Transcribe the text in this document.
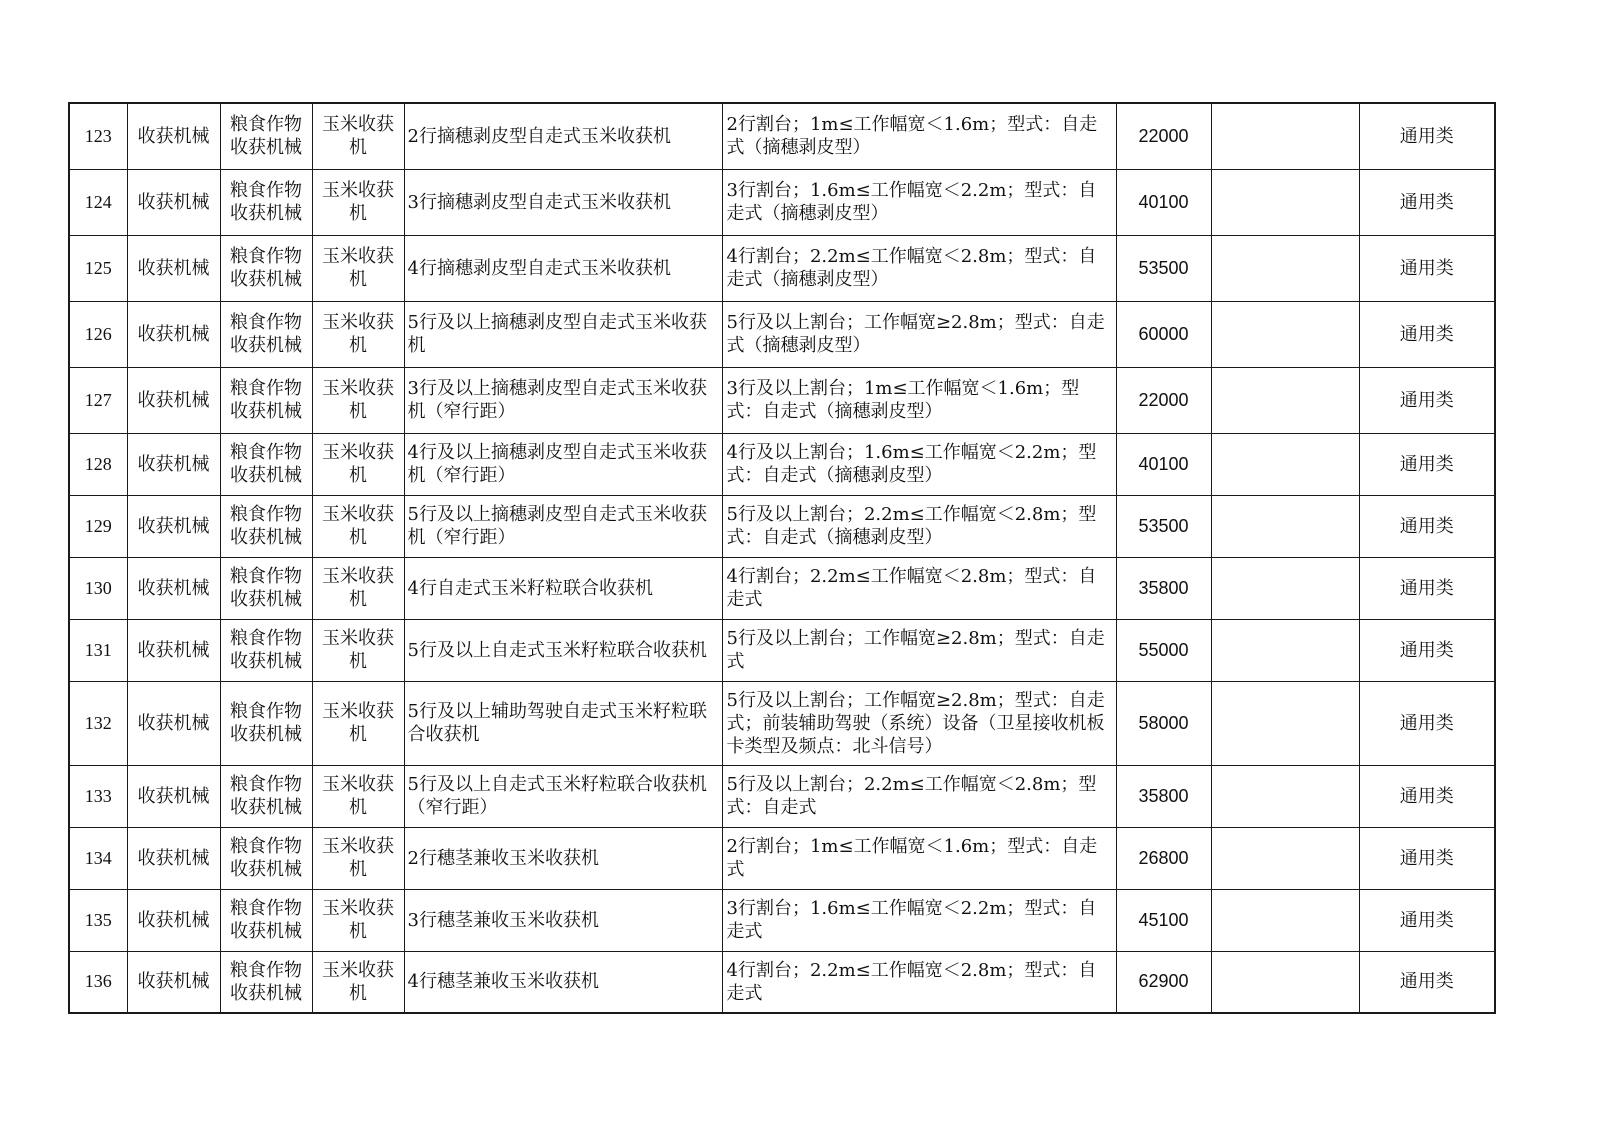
123	收获机械	粮食作物收获机械	玉米收获机	2行摘穗剥皮型自走式玉米收获机	2行割台；1m≤工作幅宽＜1.6m；型式：自走式（摘穗剥皮型）	22000		通用类
124	收获机械	粮食作物收获机械	玉米收获机	3行摘穗剥皮型自走式玉米收获机	3行割台；1.6m≤工作幅宽＜2.2m；型式：自走式（摘穗剥皮型）	40100		通用类
125	收获机械	粮食作物收获机械	玉米收获机	4行摘穗剥皮型自走式玉米收获机	4行割台；2.2m≤工作幅宽＜2.8m；型式：自走式（摘穗剥皮型）	53500		通用类
126	收获机械	粮食作物收获机械	玉米收获机	5行及以上摘穗剥皮型自走式玉米收获机	5行及以上割台；工作幅宽≥2.8m；型式：自走式（摘穗剥皮型）	60000		通用类
127	收获机械	粮食作物收获机械	玉米收获机	3行及以上摘穗剥皮型自走式玉米收获机（窄行距）	3行及以上割台；1m≤工作幅宽＜1.6m；型式：自走式（摘穗剥皮型）	22000		通用类
128	收获机械	粮食作物收获机械	玉米收获机	4行及以上摘穗剥皮型自走式玉米收获机（窄行距）	4行及以上割台；1.6m≤工作幅宽＜2.2m；型式：自走式（摘穗剥皮型）	40100		通用类
129	收获机械	粮食作物收获机械	玉米收获机	5行及以上摘穗剥皮型自走式玉米收获机（窄行距）	5行及以上割台；2.2m≤工作幅宽＜2.8m；型式：自走式（摘穗剥皮型）	53500		通用类
130	收获机械	粮食作物收获机械	玉米收获机	4行自走式玉米籽粒联合收获机	4行割台；2.2m≤工作幅宽＜2.8m；型式：自走式	35800		通用类
131	收获机械	粮食作物收获机械	玉米收获机	5行及以上自走式玉米籽粒联合收获机	5行及以上割台；工作幅宽≥2.8m；型式：自走式	55000		通用类
132	收获机械	粮食作物收获机械	玉米收获机	5行及以上辅助驾驶自走式玉米籽粒联合收获机	5行及以上割台；工作幅宽≥2.8m；型式：自走式；前装辅助驾驶（系统）设备（卫星接收机板卡类型及频点：北斗信号）	58000		通用类
133	收获机械	粮食作物收获机械	玉米收获机	5行及以上自走式玉米籽粒联合收获机（窄行距）	5行及以上割台；2.2m≤工作幅宽＜2.8m；型式：自走式	35800		通用类
134	收获机械	粮食作物收获机械	玉米收获机	2行穗茎兼收玉米收获机	2行割台；1m≤工作幅宽＜1.6m；型式：自走式	26800		通用类
135	收获机械	粮食作物收获机械	玉米收获机	3行穗茎兼收玉米收获机	3行割台；1.6m≤工作幅宽＜2.2m；型式：自走式	45100		通用类
136	收获机械	粮食作物收获机械	玉米收获机	4行穗茎兼收玉米收获机	4行割台；2.2m≤工作幅宽＜2.8m；型式：自走式	62900		通用类
